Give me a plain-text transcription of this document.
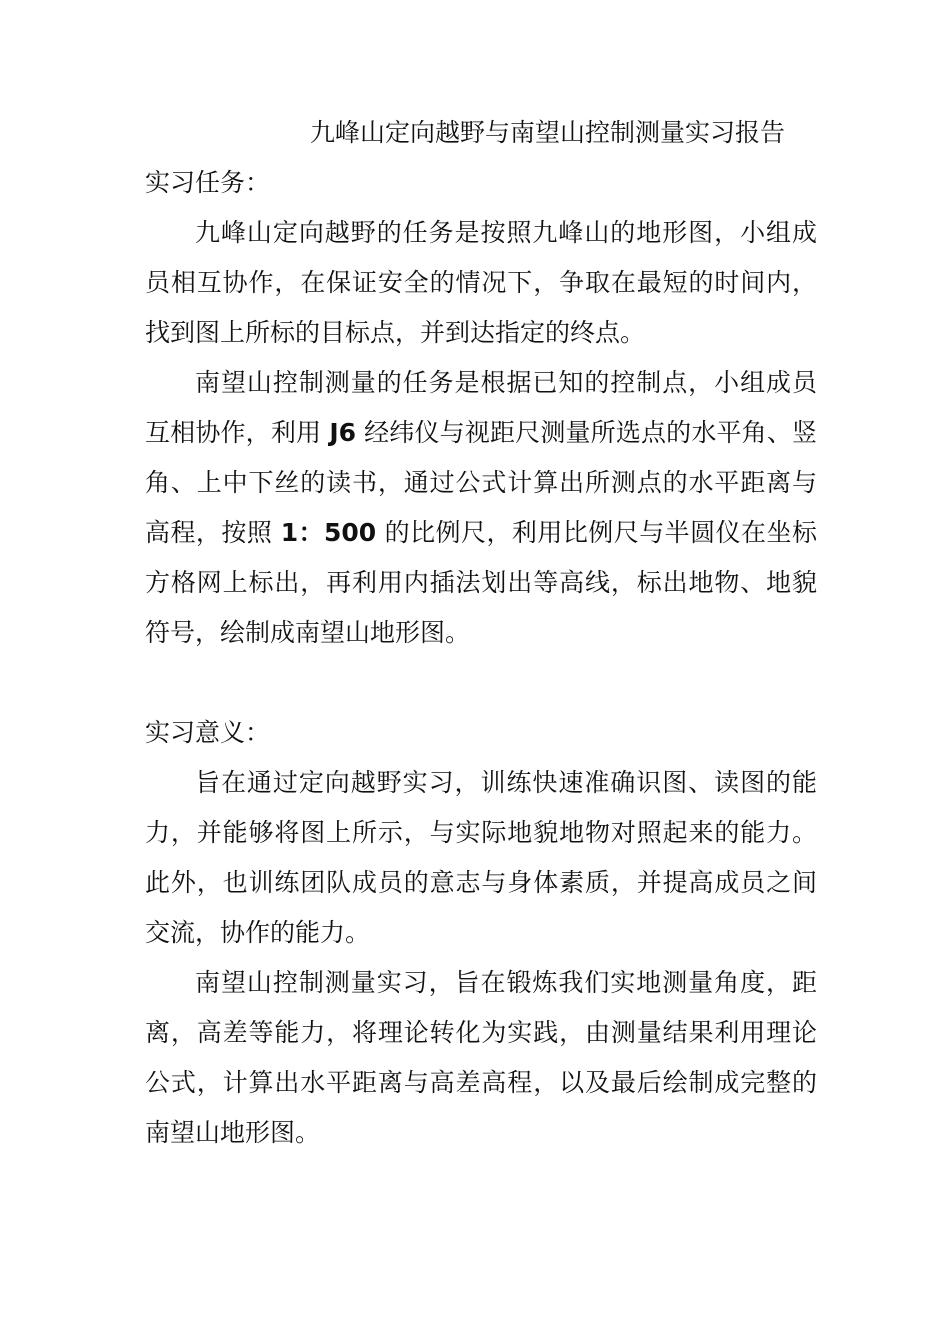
九峰山定向越野与南望山控制测量实习报告
实习任务：

九峰山定向越野的任务是按照九峰山的地形图，小组成员相互协作，在保证安全的情况下，争取在最短的时间内，找到图上所标的目标点，并到达指定的终点。

南望山控制测量的任务是根据已知的控制点，小组成员互相协作，利用 J6 经纬仪与视距尺测量所选点的水平角、竖角、上中下丝的读书，通过公式计算出所测点的水平距离与高程，按照 1：500 的比例尺，利用比例尺与半圆仪在坐标方格网上标出，再利用内插法划出等高线，标出地物、地貌符号，绘制成南望山地形图。

实习意义：

旨在通过定向越野实习，训练快速准确识图、读图的能力，并能够将图上所示，与实际地貌地物对照起来的能力。此外，也训练团队成员的意志与身体素质，并提高成员之间交流，协作的能力。

南望山控制测量实习，旨在锻炼我们实地测量角度，距离，高差等能力，将理论转化为实践，由测量结果利用理论公式，计算出水平距离与高差高程，以及最后绘制成完整的南望山地形图。
